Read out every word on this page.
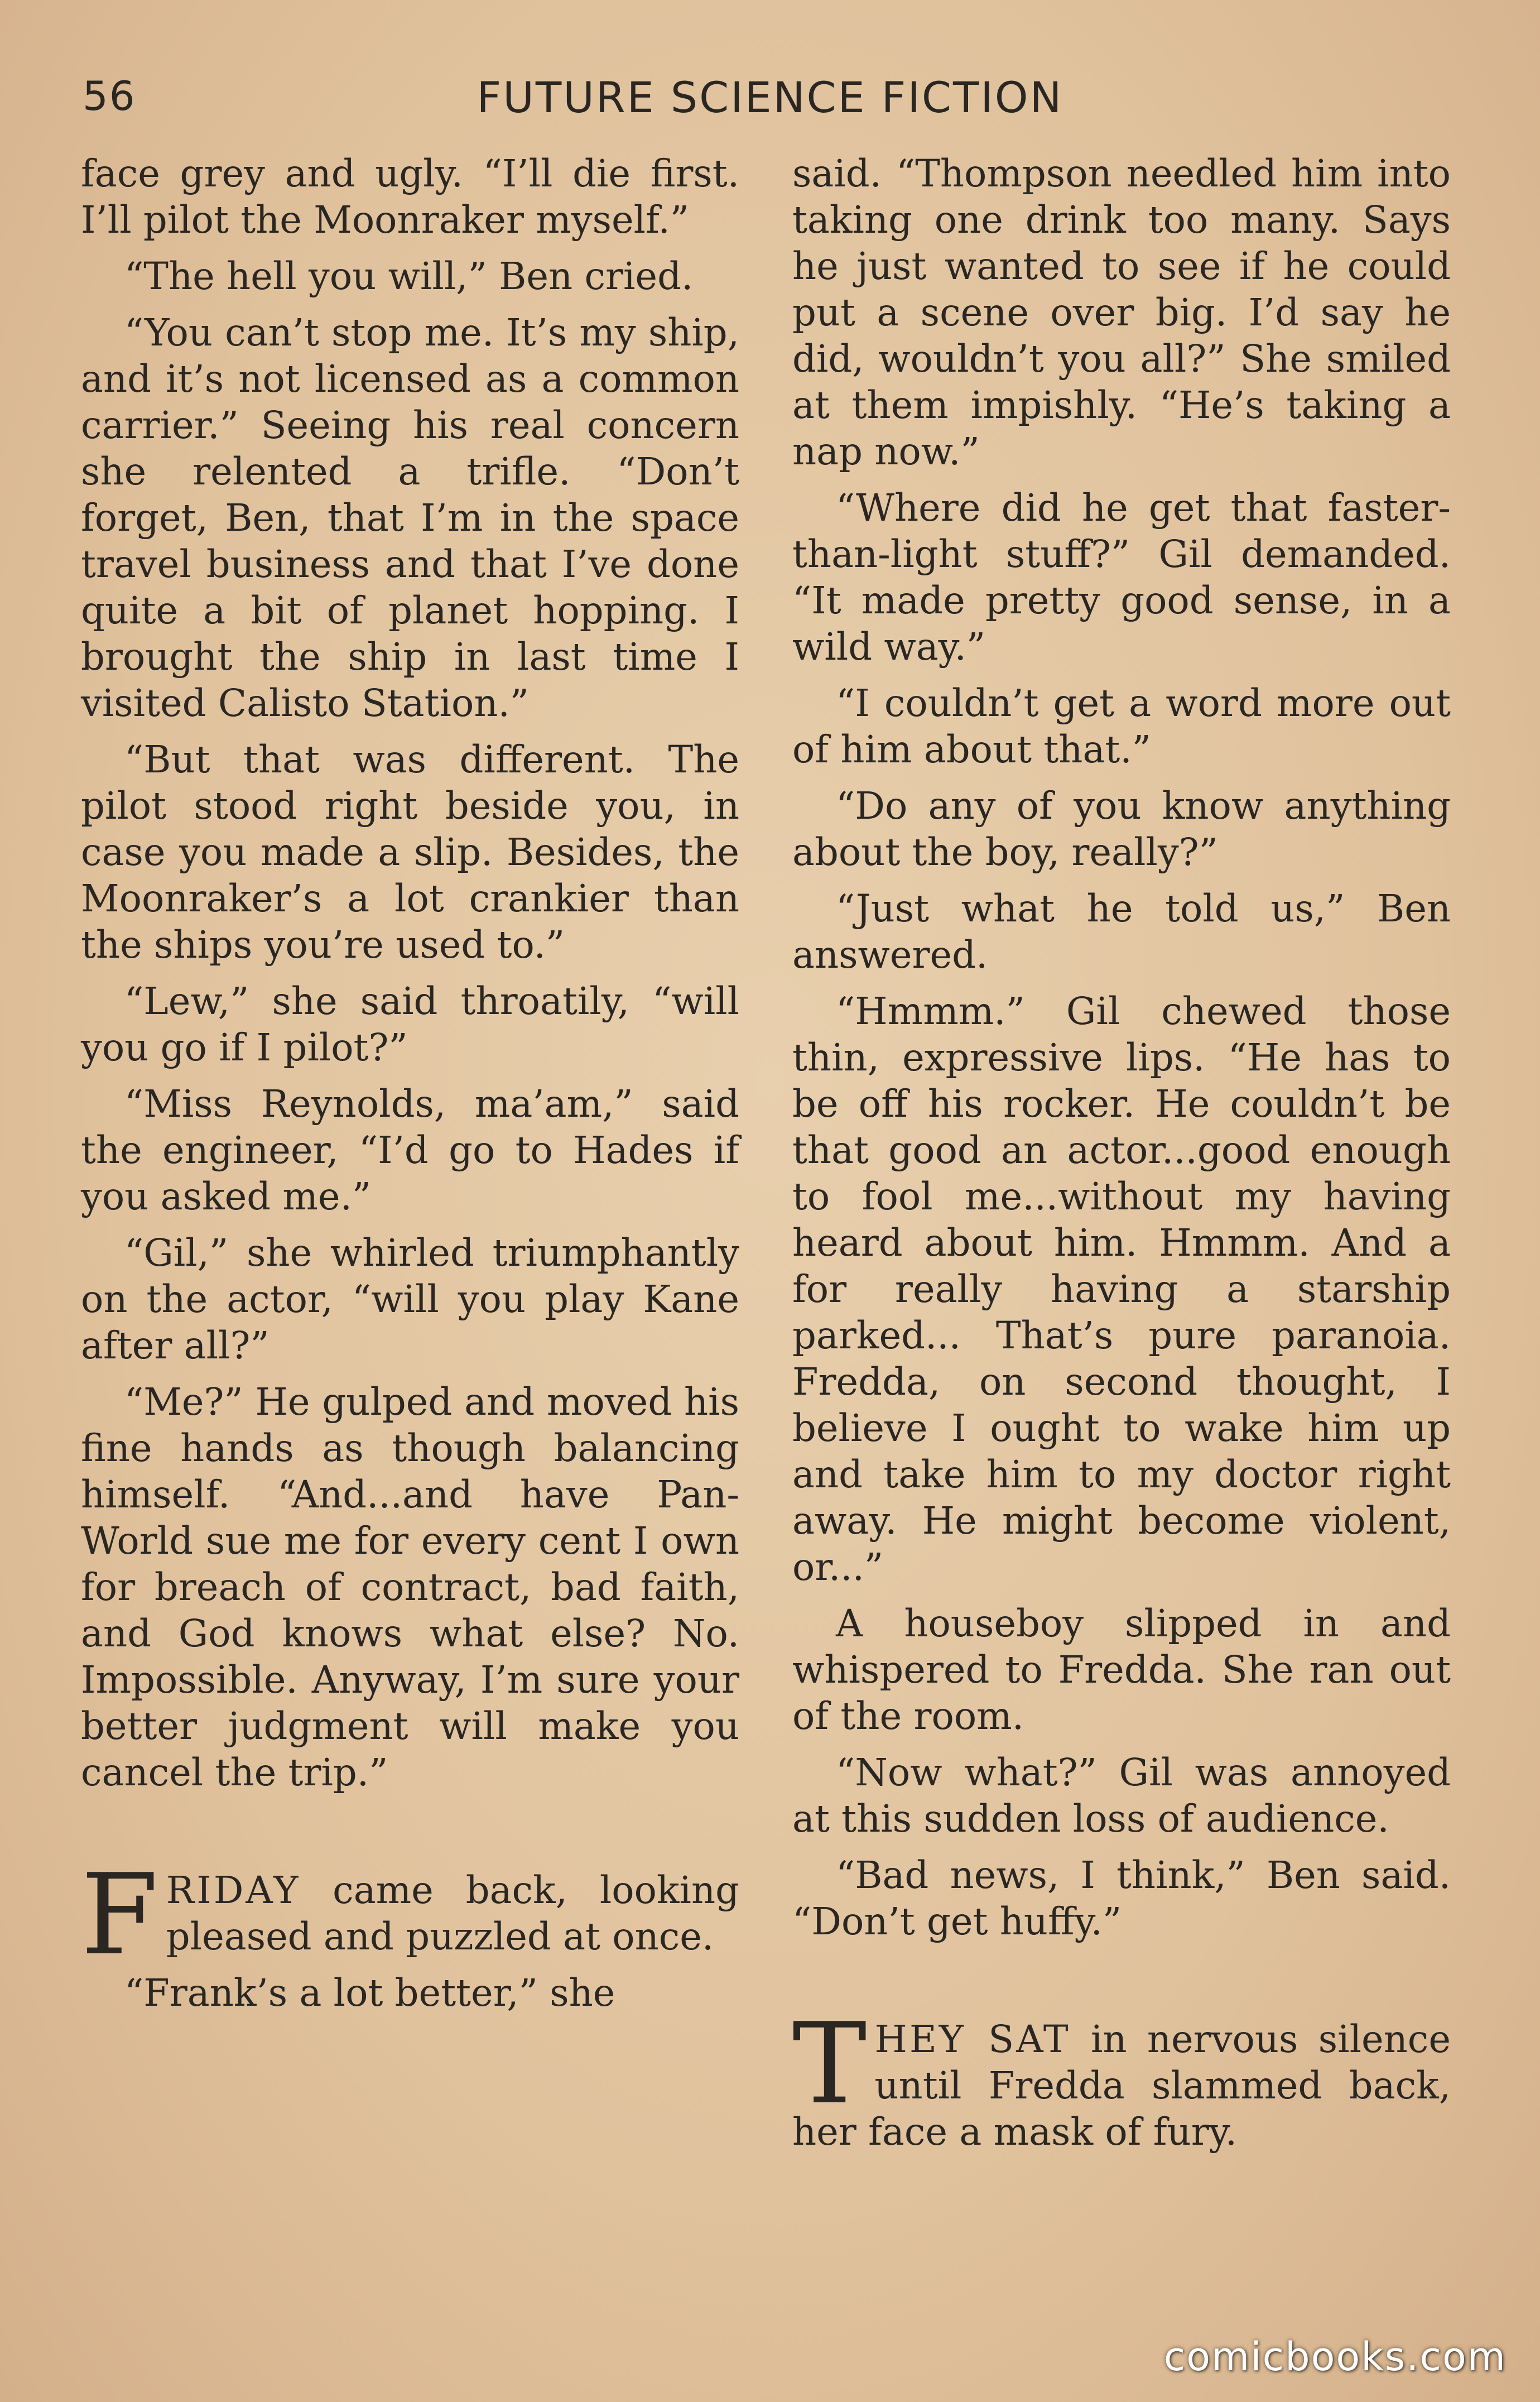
56	FUTURE SCIENCE FICTION

face grey and ugly. “I’ll die first. I’ll pilot the Moonraker myself.”

“The hell you will,” Ben cried.

“You can’t stop me. It’s my ship, and it’s not licensed as a common carrier.” Seeing his real concern she relented a trifle. “Don’t forget, Ben, that I’m in the space travel business and that I’ve done quite a bit of planet hopping. I brought the ship in last time I visited Calisto Station.”

“But that was different. The pilot stood right beside you, in case you made a slip. Besides, the Moonraker’s a lot crankier than the ships you’re used to.”

“Lew,” she said throatily, “will you go if I pilot?”

“Miss Reynolds, ma’am,” said the engineer, “I’d go to Hades if you asked me.”

“Gil,” she whirled triumphantly on the actor, “will you play Kane after all?”

“Me?” He gulped and moved his fine hands as though balancing himself. “And...and have Pan-World sue me for every cent I own for breach of contract, bad faith, and God knows what else? No. Impossible. Anyway, I’m sure your better judgment will make you cancel the trip.”

FRIDAY came back, looking pleased and puzzled at once.

“Frank’s a lot better,” she

said. “Thompson needled him into taking one drink too many. Says he just wanted to see if he could put a scene over big. I’d say he did, wouldn’t you all?” She smiled at them impishly. “He’s taking a nap now.”

“Where did he get that faster-than-light stuff?” Gil demanded. “It made pretty good sense, in a wild way.”

“I couldn’t get a word more out of him about that.”

“Do any of you know anything about the boy, really?”

“Just what he told us,” Ben answered.

“Hmmm.” Gil chewed those thin, expressive lips. “He has to be off his rocker. He couldn’t be that good an actor...good enough to fool me...without my having heard about him. Hmmm. And a for really having a starship parked... That’s pure paranoia. Fredda, on second thought, I believe I ought to wake him up and take him to my doctor right away. He might become violent, or...”

A houseboy slipped in and whispered to Fredda. She ran out of the room.

“Now what?” Gil was annoyed at this sudden loss of audience.

“Bad news, I think,” Ben said. “Don’t get huffy.”

THEY SAT in nervous silence until Fredda slammed back, her face a mask of fury.

comicbooks.com
